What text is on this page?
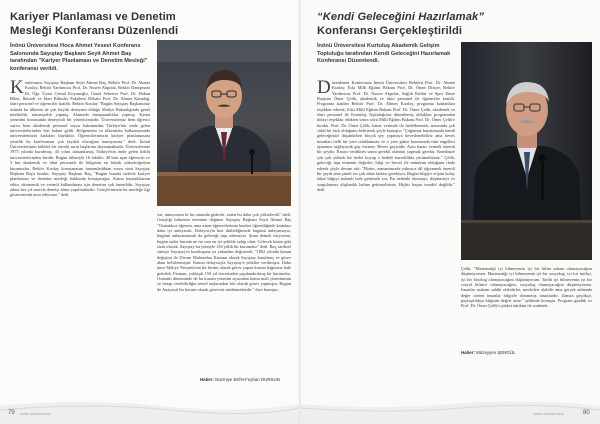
Kariyer Planlaması ve Denetim
Mesleği Konferansı Düzenlendi
İnönü Üniversitesi Hoca Ahmet Yesevi Konferans Salonunda Sayıştay Başkanı Seyit Ahmet Baş tarafından "Kariyer Planlaması ve Denetim Mesleği" konferansı verildi.
Konferansa, Sayıştay Başkanı Seyit Ahmet Baş, Rektör Prof. Dr. Ahmet Kızılay, Rektör Yardımcısı Prof. Dr. Nusret Akpolat, Rektör Danışmanı Dr. Öğr. Üyesi Cemal Koyunoğlu, Genel Sekreter Prof. Dr. Hakan Bilen, İktisadi ve İdari Bilimler Fakültesi Dekanı Prof. Dr. Ahmet Karadağ, idari personel ve öğrenciler katıldı. Rektör Kızılay "Bugün Sayıştay Başkanımız aslında bu ülkenin de çok büyük deneyimi olduğu Maliye Bakanlığında genel müdürlük, müsteşarlık yapmış. Alanında danışmanlıklar yapmış. Kamu yönetimi konusunda deneyimli bir yöneticimizdir. Üniversitemiz hem öğrenci sayısı hem akademik personel sayısı bakımından Türkiye'nin önde gelen üniversitelerinden biri haline geldi. Bölgemizin ve ülkemizin kalkınmasında üniversitemizin katkıları büyüktür. Öğrencilerimizin kariyer planlamasına yönelik bu konferansın çok faydalı olacağına inanıyorum." dedi. İnönü Üniversitesinin kökleri bir önceki asrın başlarına dayanmaktadır. Üniversitemiz 1975 yılında kurulmuş, 43 yılını tamamlamış Türkiye'nin önde gelen köklü üniversitelerinden biridir. Bugün itibariyle 16 fakülte, 48 bini aşan öğrencisi ve 3 bin akademik ve idari personeli ile bölgenin en büyük yükseköğretim kurumudur. Rektör Kızılay konuşmasını tamamladıktan sonra sözü Sayıştay Başkanı Baş'a bıraktı. Sayıştay Başkanı Baş, "Bugün burada sizlerle kariyer planlaması ve denetim mesleği hakkında konuşacağız. Kamu kaynaklarının etkin, ekonomik ve verimli kullanılması için denetim çok önemlidir. Sayıştay adına her yıl sınavla denetçi alımı yapılmaktadır. Gençlerimizin bu mesleğe ilgi göstermesini arzu ediyoruz." dedi.
var, umuyorum ki bu ortamda gidecek, zaten bu daha çok yükselecek" dedi. Gençliği bilmenin önemine değinen Sayıştay Başkanı Seyit Ahmet Baş "Osmanlıca öğrenin, ama zaten öğrencilerimiz bunları öğrendiğinde konuları daha iyi anlayacak. Dolayısıyla bizi dinlediğinizde bugünü anlayamayız, bugünü anlayamazsak da geleceği inşa edemeyiz. Şunu demek istiyorum, bugün sizler burada ne ise ona en iyi şekilde sahip olun. Gelecek bizim gibi sizin olacak. Sayıştay bu yönüyle 150 yıllık bir kurumdur" dedi. Baş, tarihsel süreçte Sayıştay'ın kuruluşuna ya yakından değinerek: "1862 yılında kanun değişimi ile Divanı Muhasebat Kanunu olarak Sayıştay kurulmuş ve görev alanı belirlenmiştir. Kanun dolayısıyla Sayıştay'a yetkiler verilmiştir. Daha önce Maliye Nezareti'nin bir birimi olarak görev yapan kurum bağımsız hale getirildi. Ferman, yaklaşık 150 yıl öncesinden yapılandırılmış bir kurumdur. Osmanlı döneminde de bu kurum yönetim açısından kamu mali yönetiminin ve hesap verebilirliğin temel taşlarından biri olarak görev yapmıştır. Bugün de Anayasal bir kurum olarak görevini sürdürmektedir." diye konuştu.
Haber: Nazmiye EKİN-Feyhan DURSUN
79 İNÖNÜ ÜNİVERSİTESİ
“Kendi Geleceğini Hazırlamak”
Konferansı Gerçekleştirildi
İnönü Üniversitesi Kurtuluş Akademik Gelişim Topluluğu tarafından Kendi Geleceğini Hazırlamak Konferansı Düzenlendi.
Düzenlenen Konferansa İnönü Üniversitesi Rektörü Prof. Dr. Ahmet Kızılay, Eski Milli Eğitim Bakanı Prof. Dr. Ömer Dinçer, Rektör Yardımcısı Prof. Dr. Nusret Akpolat, Sağlık Kültür ve Spor Daire Başkanı Ömer Çelik, akademik ve idari personel ile öğrenciler katıldı. Programa katılan Rektör Prof. Dr. Ahmet Kızılay, programa katılanlara teşekkür ederek, Eski Milli Eğitim Bakanı Prof. Dr. Ömer Çelik, akademik ve idari personel ile Kurtuluş Topluluğu'na düzenlemiş oldukları programdan dolayı teşekkür ettikten sonra sözü Milli Eğitim Bakanı Prof. Dr. Ömer Çelik'e bıraktı. Prof. Dr. Ömer Çelik, kanar verimde ile hedeflenmek, ansızında çok ciddi bir fark olduğunu belirterek şöyle konuştu: "Çoğumuz hayatımızda kendi geleceğimizi düşünürken birçok şey yapmaya heveslenebiliriz ama heves insanları belli bir yere odaklanmaz ve o yere gitme konusunda tüm engelleri aşmanızı sağlayacak güç vermez. Heves geçicidir. Arzu kararı vermek önemli bir şeydir. Kararı verdikten sonra gerekli olanları yapmak gerekir. Kendinize çok çok yüksek bir hedef koyup o hedefe kararlılıkla yürümelisiniz." Çelik, geleceği inşa etmenin değerler, bilgi ve beceri ile mümkün olduğunu ifade ederek şöyle devam etti: "Bizim, zamanımızda yalnızca dil öğrenmek önemli bir şeydi ama şimdi ise çok daha fazlası gerekiyor. Bugün bilgiye erişim kolay fakat bilgiyi anlamlı hale getirmek zor. Bu nedenle okumayı, düşünmeyi ve sorgulamayı alışkanlık haline getirmelisiniz. Hiçbir başarı tesadüf değildir." dedi.
Çelik, "Matematiği iyi bilmeyenin iyi bir bilim adamı olamayacağını düşünüyorum. Matematiği iyi bilmeyenin iyi bir sosyolog, iyi bir tarihçi, iyi bir biyolog olamayacağını düşünüyorum. Tarihi iyi bilmeyenin iyi bir sosyal bilimci olamayacağını, sosyolog olamayacağını düşünüyorum. İnsanlar makam sahibi olabilirler, mevkileri olabilir ama gerçek anlamda değer üreten insanlar bilgiyle donanmış insanlardır. Zaman geçtikçe, paylaşıldıkça bilginin değeri artar." şeklinde konuştu. Program günlük ve Prof. Dr. Ömer Çelik'e plaket takdimi ile sonlandı.
Haber: Müzeyyen ŞENGÜL
İNÖNÜ ÜNİVERSİTESİ	80
